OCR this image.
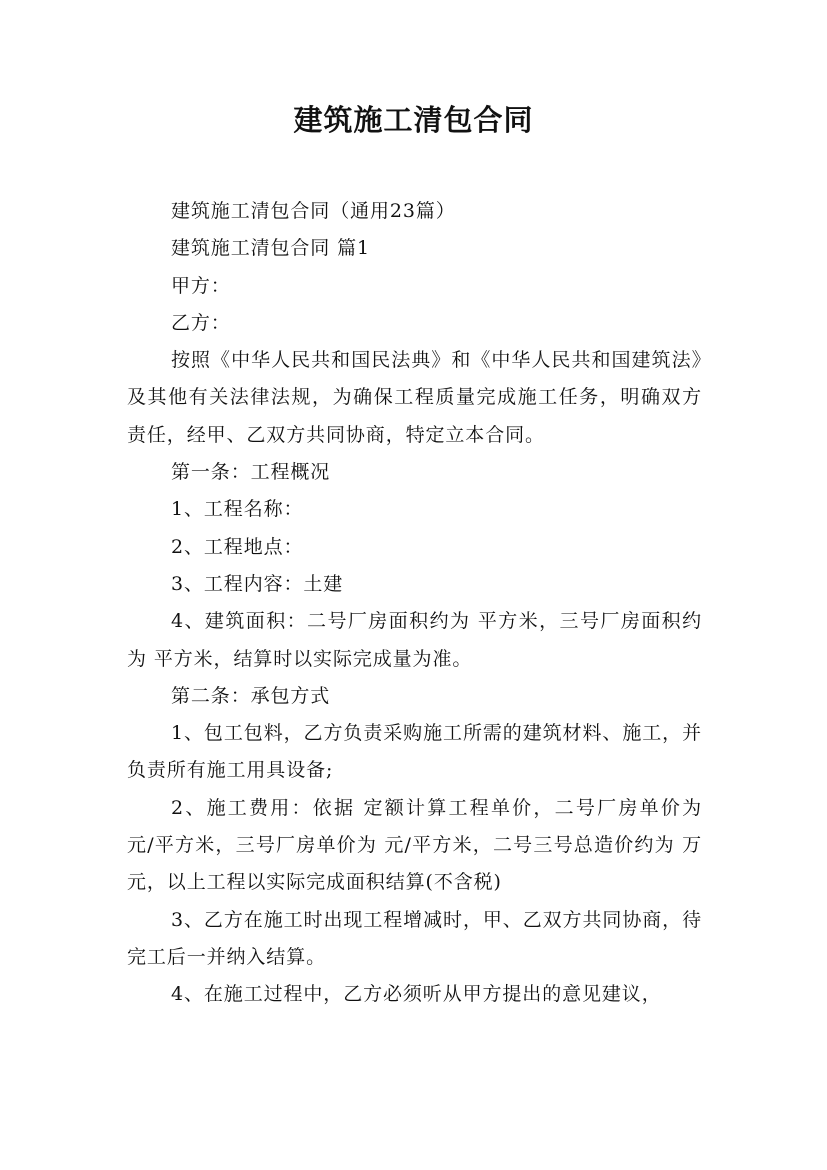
建筑施工清包合同

建筑施工清包合同（通用23篇）

建筑施工清包合同 篇1

甲方：

乙方：

按照《中华人民共和国民法典》和《中华人民共和国建筑法》及其他有关法律法规，为确保工程质量完成施工任务，明确双方责任，经甲、乙双方共同协商，特定立本合同。

第一条：工程概况

1、工程名称：

2、工程地点：

3、工程内容：土建

4、建筑面积：二号厂房面积约为 平方米，三号厂房面积约为 平方米，结算时以实际完成量为准。

第二条：承包方式

1、包工包料，乙方负责采购施工所需的建筑材料、施工，并负责所有施工用具设备;

2、施工费用：依据 定额计算工程单价，二号厂房单价为 元/平方米，三号厂房单价为 元/平方米，二号三号总造价约为 万元，以上工程以实际完成面积结算(不含税)

3、乙方在施工时出现工程增减时，甲、乙双方共同协商，待完工后一并纳入结算。

4、在施工过程中，乙方必须听从甲方提出的意见建议，
